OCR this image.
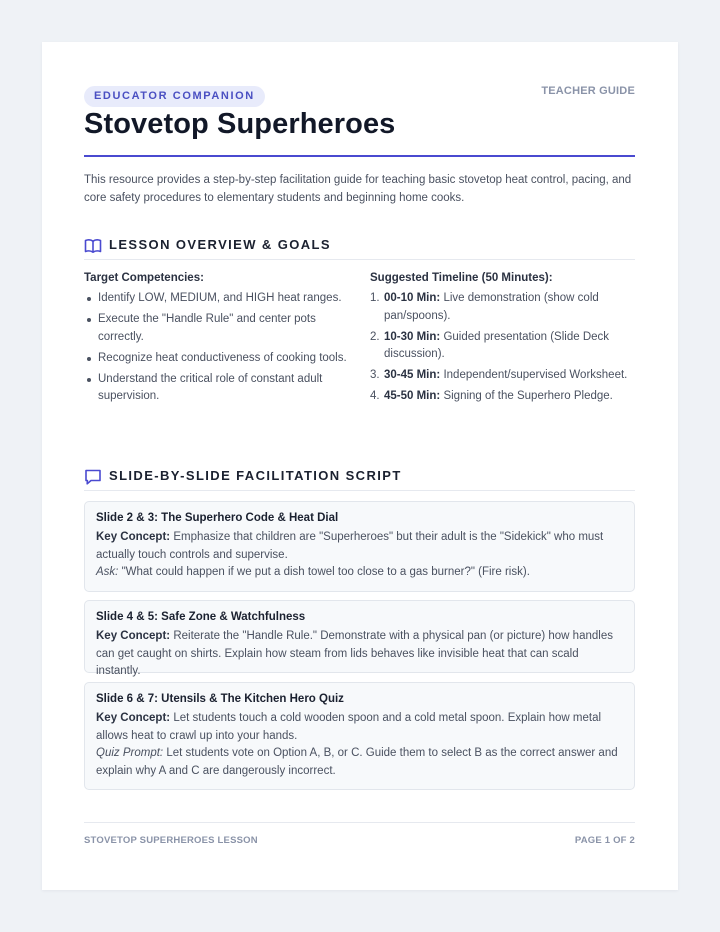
EDUCATOR COMPANION	TEACHER GUIDE
Stovetop Superheroes

This resource provides a step-by-step facilitation guide for teaching basic stovetop heat control, pacing, and core safety procedures to elementary students and beginning home cooks.

LESSON OVERVIEW & GOALS
Target Competencies:
Identify LOW, MEDIUM, and HIGH heat ranges.
Execute the "Handle Rule" and center pots correctly.
Recognize heat conductiveness of cooking tools.
Understand the critical role of constant adult supervision.
Suggested Timeline (50 Minutes):
1. 00-10 Min: Live demonstration (show cold pan/spoons).
2. 10-30 Min: Guided presentation (Slide Deck discussion).
3. 30-45 Min: Independent/supervised Worksheet.
4. 45-50 Min: Signing of the Superhero Pledge.
SLIDE-BY-SLIDE FACILITATION SCRIPT
Slide 2 & 3: The Superhero Code & Heat Dial
Key Concept: Emphasize that children are "Superheroes" but their adult is the "Sidekick" who must actually touch controls and supervise.
Ask: "What could happen if we put a dish towel too close to a gas burner?" (Fire risk).
Slide 4 & 5: Safe Zone & Watchfulness
Key Concept: Reiterate the "Handle Rule." Demonstrate with a physical pan (or picture) how handles can get caught on shirts. Explain how steam from lids behaves like invisible heat that can scald instantly.
Slide 6 & 7: Utensils & The Kitchen Hero Quiz
Key Concept: Let students touch a cold wooden spoon and a cold metal spoon. Explain how metal allows heat to crawl up into your hands.
Quiz Prompt: Let students vote on Option A, B, or C. Guide them to select B as the correct answer and explain why A and C are dangerously incorrect.
STOVETOP SUPERHEROES LESSON	PAGE 1 OF 2
